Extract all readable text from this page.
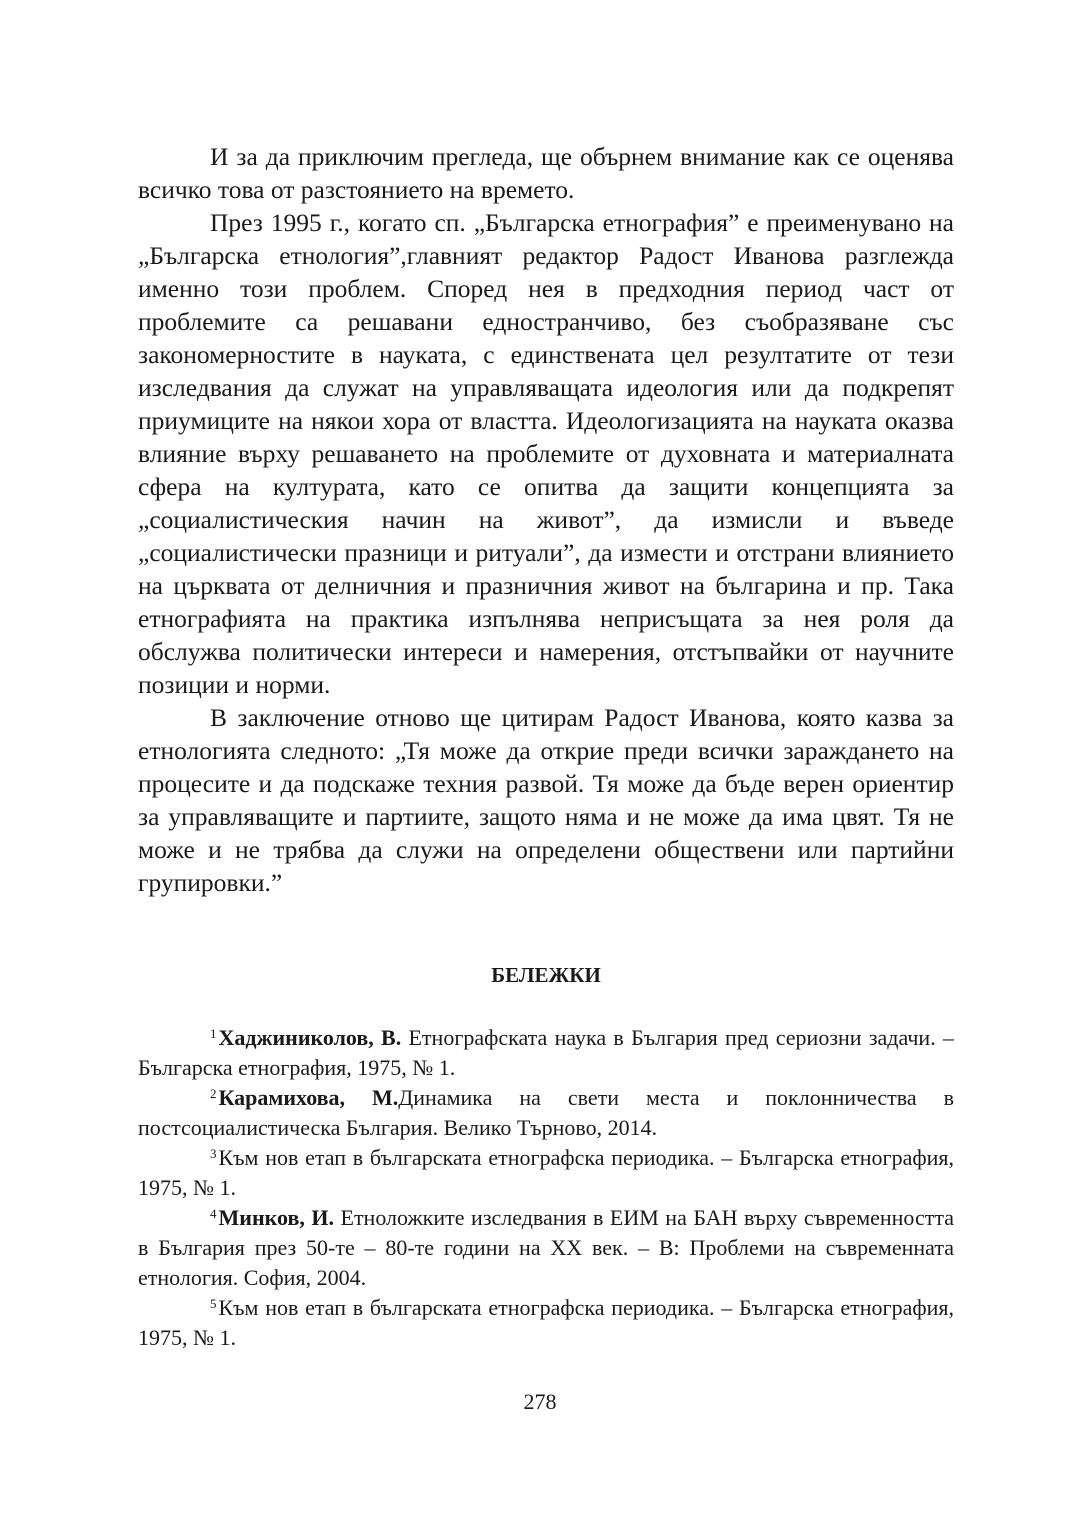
И за да приключим прегледа, ще обърнем внимание как се оценява всичко това от разстоянието на времето.

През 1995 г., когато сп. „Българска етнография” е преименувано на „Българска етнология”,главният редактор Радост Иванова разглежда именно този проблем. Според нея в предходния период част от проблемите са решавани едностранчиво, без съобразяване със закономерностите в науката, с единствената цел резултатите от тези изследвания да служат на управляващата идеология или да подкрепят приумиците на някои хора от властта. Идеологизацията на науката оказва влияние върху решаването на проблемите от духовната и материалната сфера на културата, като се опитва да защити концепцията за „социалистическия начин на живот”, да измисли и въведе „социалистически празници и ритуали”, да измести и отстрани влиянието на църквата от делничния и празничния живот на българина и пр. Така етнографията на практика изпълнява неприсъщата за нея роля да обслужва политически интереси и намерения, отстъпвайки от научните позиции и норми.

В заключение отново ще цитирам Радост Иванова, която казва за етнологията следното: „Тя може да открие преди всички зараждането на процесите и да подскаже техния развой. Тя може да бъде верен ориентир за управляващите и партиите, защото няма и не може да има цвят. Тя не може и не трябва да служи на определени обществени или партийни групировки.”

БЕЛЕЖКИ

$^1$Хаджиниколов, В. Етнографската наука в България пред сериозни задачи. – Българска етнография, 1975, № 1.

$^2$Карамихова, М.Динамика на свети места и поклонничества в постсоциалистическа България. Велико Търново, 2014.

$^3$Към нов етап в българската етнографска периодика. – Българска етнография, 1975, № 1.

$^4$Минков, И. Етноложките изследвания в ЕИМ на БАН върху съвременността в България през 50-те – 80-те години на ХХ век. – В: Проблеми на съвременната етнология. София, 2004.

$^5$Към нов етап в българската етнографска периодика. – Българска етнография, 1975, № 1.

278
